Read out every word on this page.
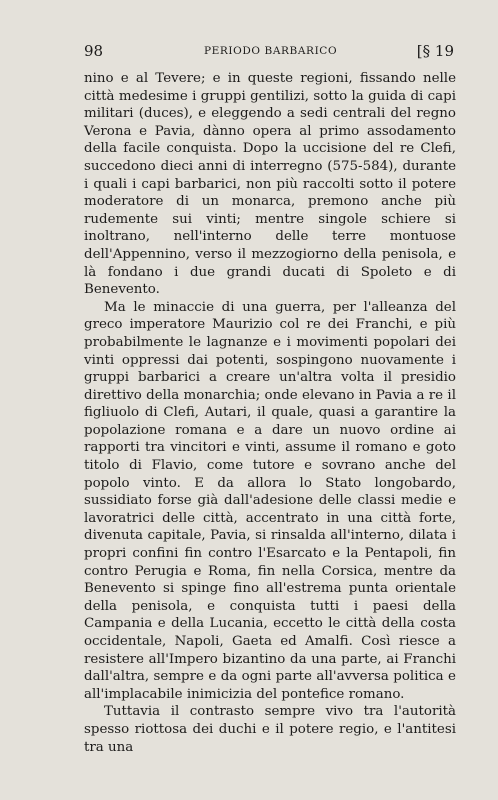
98	PERIODO BARBARICO	[§ 19

nino e al Tevere; e in queste regioni, fissando nelle città medesime i gruppi gentilizi, sotto la guida di capi militari (duces), e eleggendo a sedi centrali del regno Verona e Pavia, dànno opera al primo assodamento della facile conquista. Dopo la uccisione del re Clefi, succedono dieci anni di interregno (575-584), durante i quali i capi barbarici, non più raccolti sotto il potere moderatore di un monarca, premono anche più rudemente sui vinti; mentre singole schiere si inoltrano, nell'interno delle terre montuose dell'Appennino, verso il mezzogiorno della penisola, e là fondano i due grandi ducati di Spoleto e di Benevento.

Ma le minaccie di una guerra, per l'alleanza del greco imperatore Maurizio col re dei Franchi, e più probabilmente le lagnanze e i movimenti popolari dei vinti oppressi dai potenti, sospingono nuovamente i gruppi barbarici a creare un'altra volta il presidio direttivo della monarchia; onde elevano in Pavia a re il figliuolo di Clefi, Autari, il quale, quasi a garantire la popolazione romana e a dare un nuovo ordine ai rapporti tra vincitori e vinti, assume il romano e goto titolo di Flavio, come tutore e sovrano anche del popolo vinto. E da allora lo Stato longobardo, sussidiato forse già dall'adesione delle classi medie e lavoratrici delle città, accentrato in una città forte, divenuta capitale, Pavia, si rinsalda all'interno, dilata i propri confini fin contro l'Esarcato e la Pentapoli, fin contro Perugia e Roma, fin nella Corsica, mentre da Benevento si spinge fino all'estrema punta orientale della penisola, e conquista tutti i paesi della Campania e della Lucania, eccetto le città della costa occidentale, Napoli, Gaeta ed Amalfi. Così riesce a resistere all'Impero bizantino da una parte, ai Franchi dall'altra, sempre e da ogni parte all'avversa politica e all'implacabile inimicizia del pontefice romano.

Tuttavia il contrasto sempre vivo tra l'autorità spesso riottosa dei duchi e il potere regio, e l'antitesi tra una
